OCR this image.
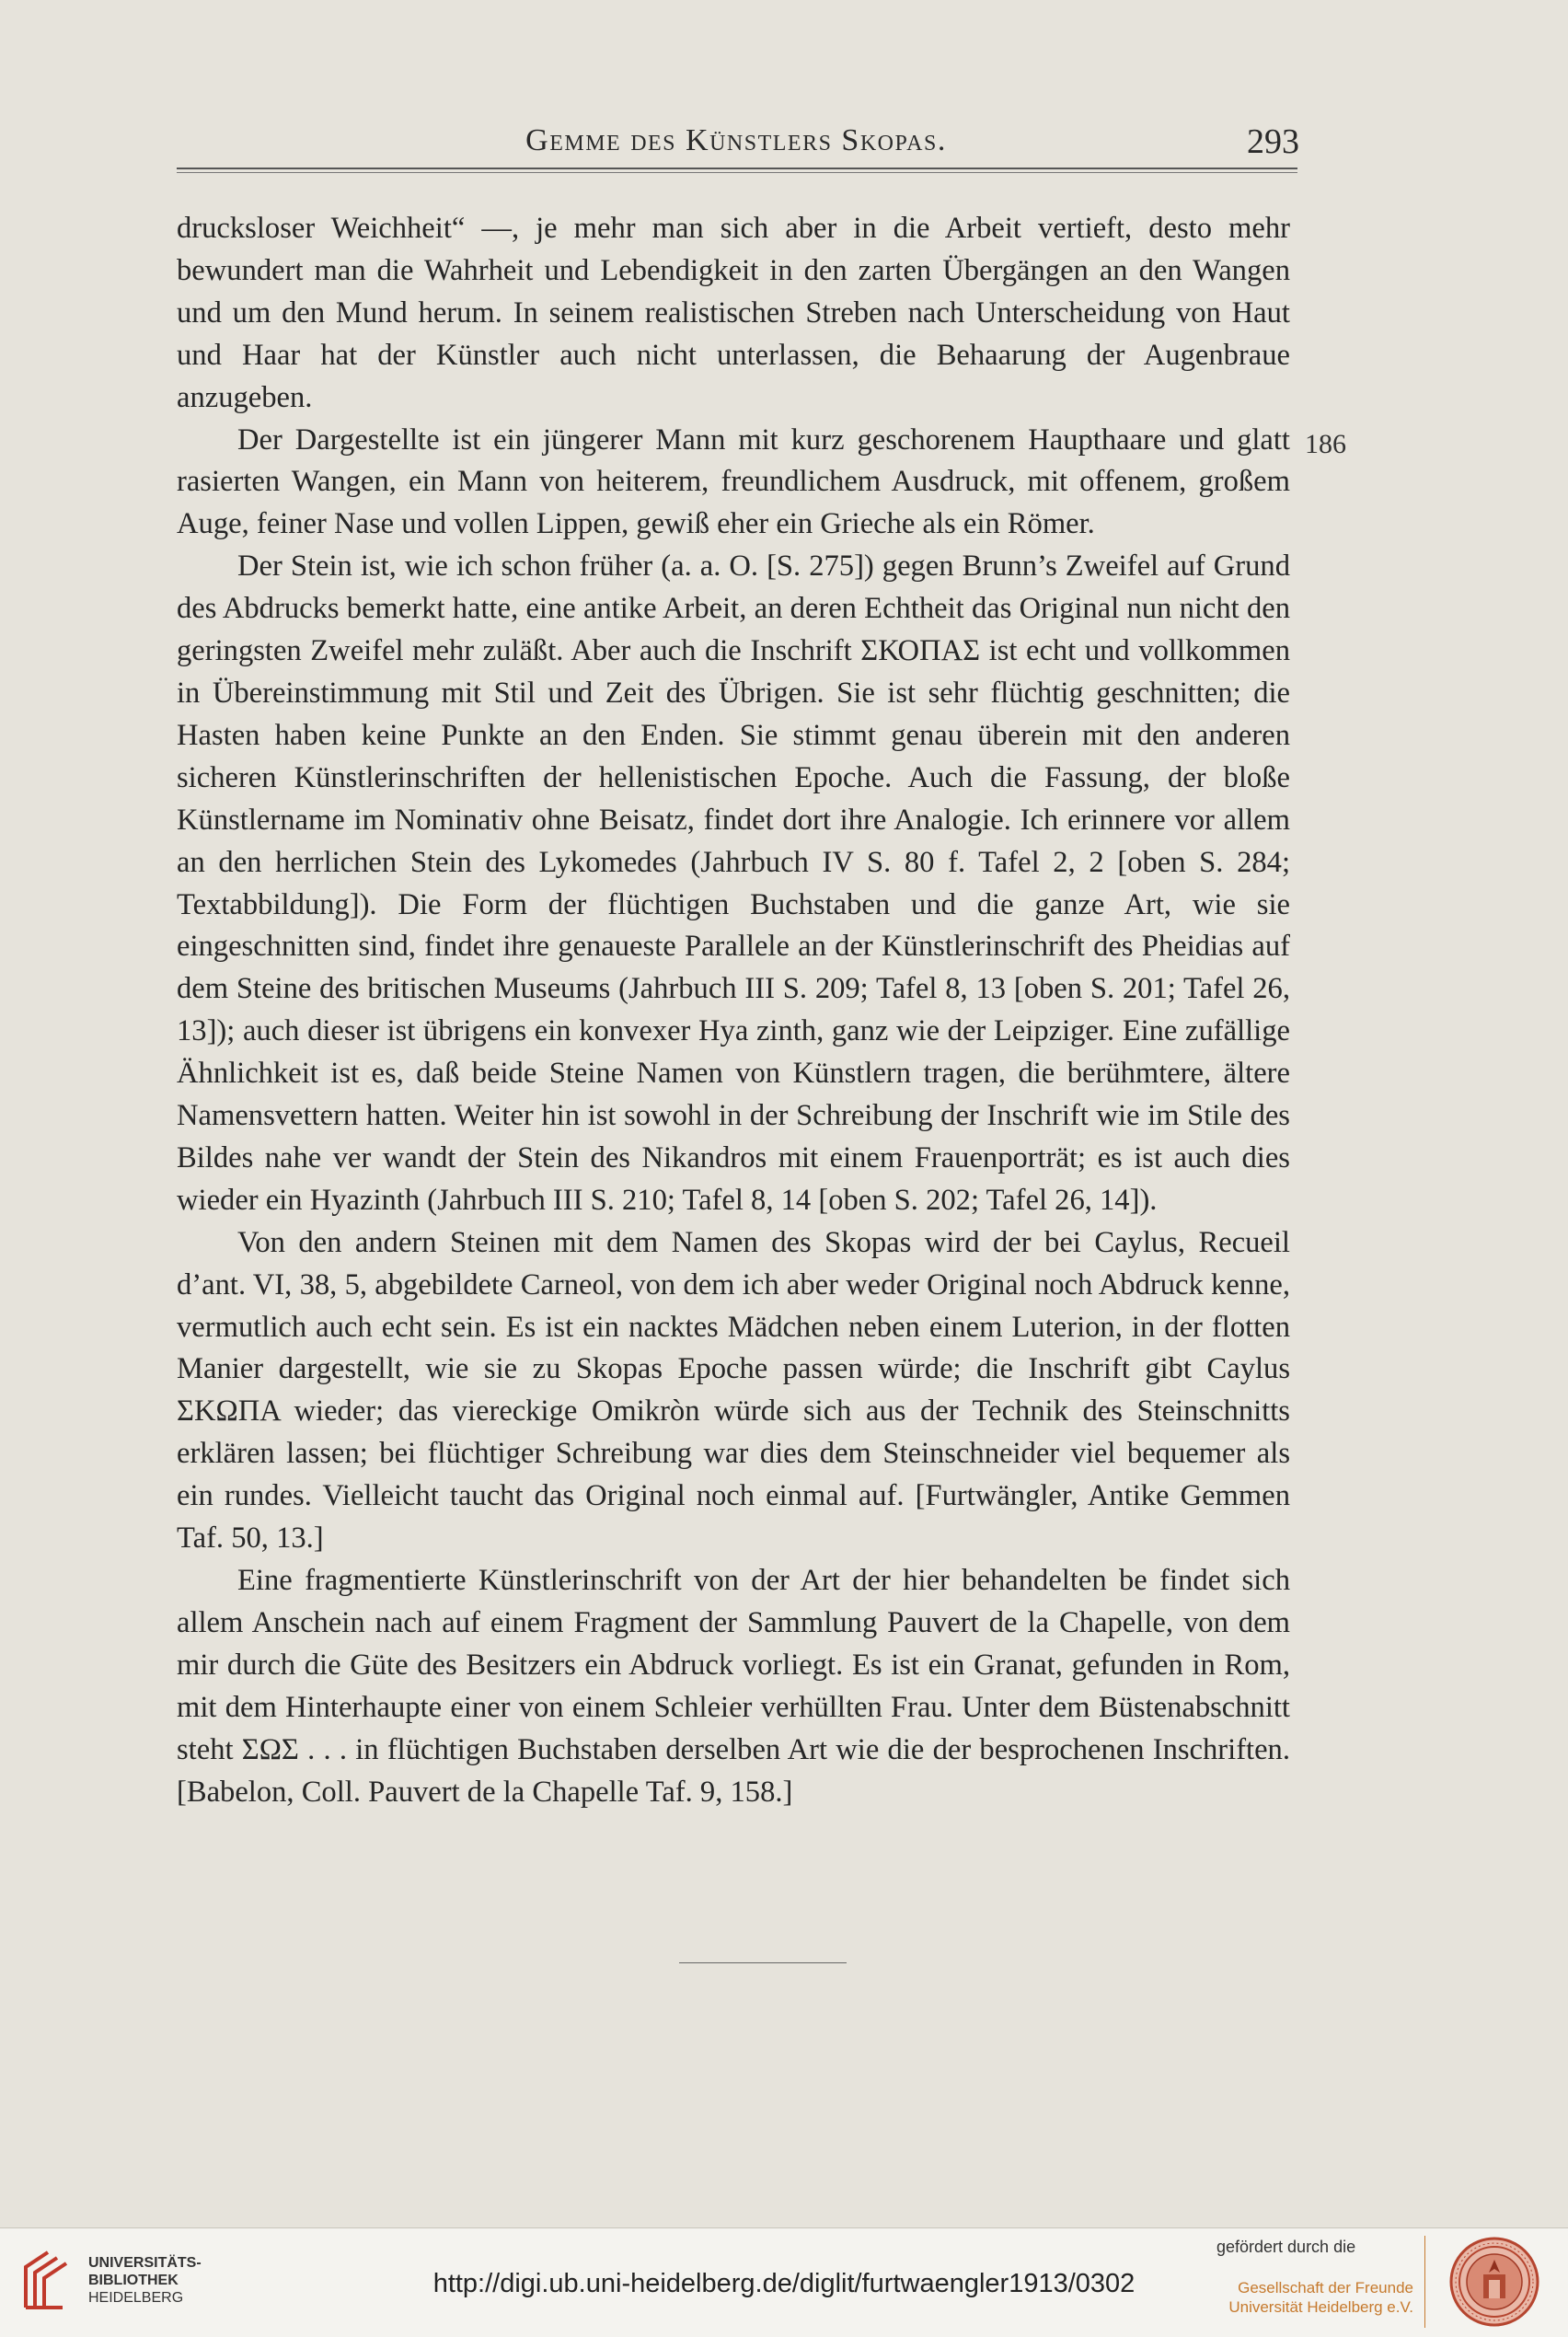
Gemme des Künstlers Skopas.	293
186

drucksloser Weichheit“ —, je mehr man sich aber in die Arbeit vertieft, desto mehr bewundert man die Wahrheit und Lebendigkeit in den zarten Übergängen an den Wangen und um den Mund herum. In seinem realistischen Streben nach Unterscheidung von Haut und Haar hat der Künstler auch nicht unterlassen, die Behaarung der Augenbraue anzugeben.

Der Dargestellte ist ein jüngerer Mann mit kurz geschorenem Haupthaare und glatt rasierten Wangen, ein Mann von heiterem, freundlichem Ausdruck, mit offenem, großem Auge, feiner Nase und vollen Lippen, gewiß eher ein Grieche als ein Römer.

Der Stein ist, wie ich schon früher (a. a. O. [S. 275]) gegen Brunn’s Zweifel auf Grund des Abdrucks bemerkt hatte, eine antike Arbeit, an deren Echtheit das Original nun nicht den geringsten Zweifel mehr zuläßt. Aber auch die Inschrift ΣΚΟΠΑΣ ist echt und vollkommen in Übereinstimmung mit Stil und Zeit des Übrigen. Sie ist sehr flüchtig geschnitten; die Hasten haben keine Punkte an den Enden. Sie stimmt genau überein mit den anderen sicheren Künstlerinschriften der hellenistischen Epoche. Auch die Fassung, der bloße Künstlername im Nominativ ohne Beisatz, findet dort ihre Analogie. Ich erinnere vor allem an den herrlichen Stein des Lykomedes (Jahrbuch IV S. 80 f. Tafel 2, 2 [oben S. 284; Textabbildung]). Die Form der flüchtigen Buchstaben und die ganze Art, wie sie eingeschnitten sind, findet ihre genaueste Parallele an der Künstlerinschrift des Pheidias auf dem Steine des britischen Museums (Jahrbuch III S. 209; Tafel 8, 13 [oben S. 201; Tafel 26, 13]); auch dieser ist übrigens ein konvexer Hya zinth, ganz wie der Leipziger. Eine zufällige Ähnlichkeit ist es, daß beide Steine Namen von Künstlern tragen, die berühmtere, ältere Namensvettern hatten. Weiter hin ist sowohl in der Schreibung der Inschrift wie im Stile des Bildes nahe ver wandt der Stein des Nikandros mit einem Frauenporträt; es ist auch dies wieder ein Hyazinth (Jahrbuch III S. 210; Tafel 8, 14 [oben S. 202; Tafel 26, 14]).

Von den andern Steinen mit dem Namen des Skopas wird der bei Caylus, Recueil d’ant. VI, 38, 5, abgebildete Carneol, von dem ich aber weder Original noch Abdruck kenne, vermutlich auch echt sein. Es ist ein nacktes Mädchen neben einem Luterion, in der flotten Manier dargestellt, wie sie zu Skopas Epoche passen würde; die Inschrift gibt Caylus ΣΚΩΠΑ wieder; das viereckige Omikròn würde sich aus der Technik des Steinschnitts erklären lassen; bei flüchtiger Schreibung war dies dem Steinschneider viel bequemer als ein rundes. Vielleicht taucht das Original noch einmal auf. [Furtwängler, Antike Gemmen Taf. 50, 13.]

Eine fragmentierte Künstlerinschrift von der Art der hier behandelten be findet sich allem Anschein nach auf einem Fragment der Sammlung Pauvert de la Chapelle, von dem mir durch die Güte des Besitzers ein Abdruck vorliegt. Es ist ein Granat, gefunden in Rom, mit dem Hinterhaupte einer von einem Schleier verhüllten Frau. Unter dem Büstenabschnitt steht ΣΩΣ . . . in flüchtigen Buchstaben derselben Art wie die der besprochenen Inschriften. [Babelon, Coll. Pauvert de la Chapelle Taf. 9, 158.]

UNIVERSITÄTS-
BIBLIOTHEK
HEIDELBERG	http://digi.ub.uni-heidelberg.de/diglit/furtwaengler1913/0302
gefördert durch die
Gesellschaft der Freunde
Universität Heidelberg e.V.
